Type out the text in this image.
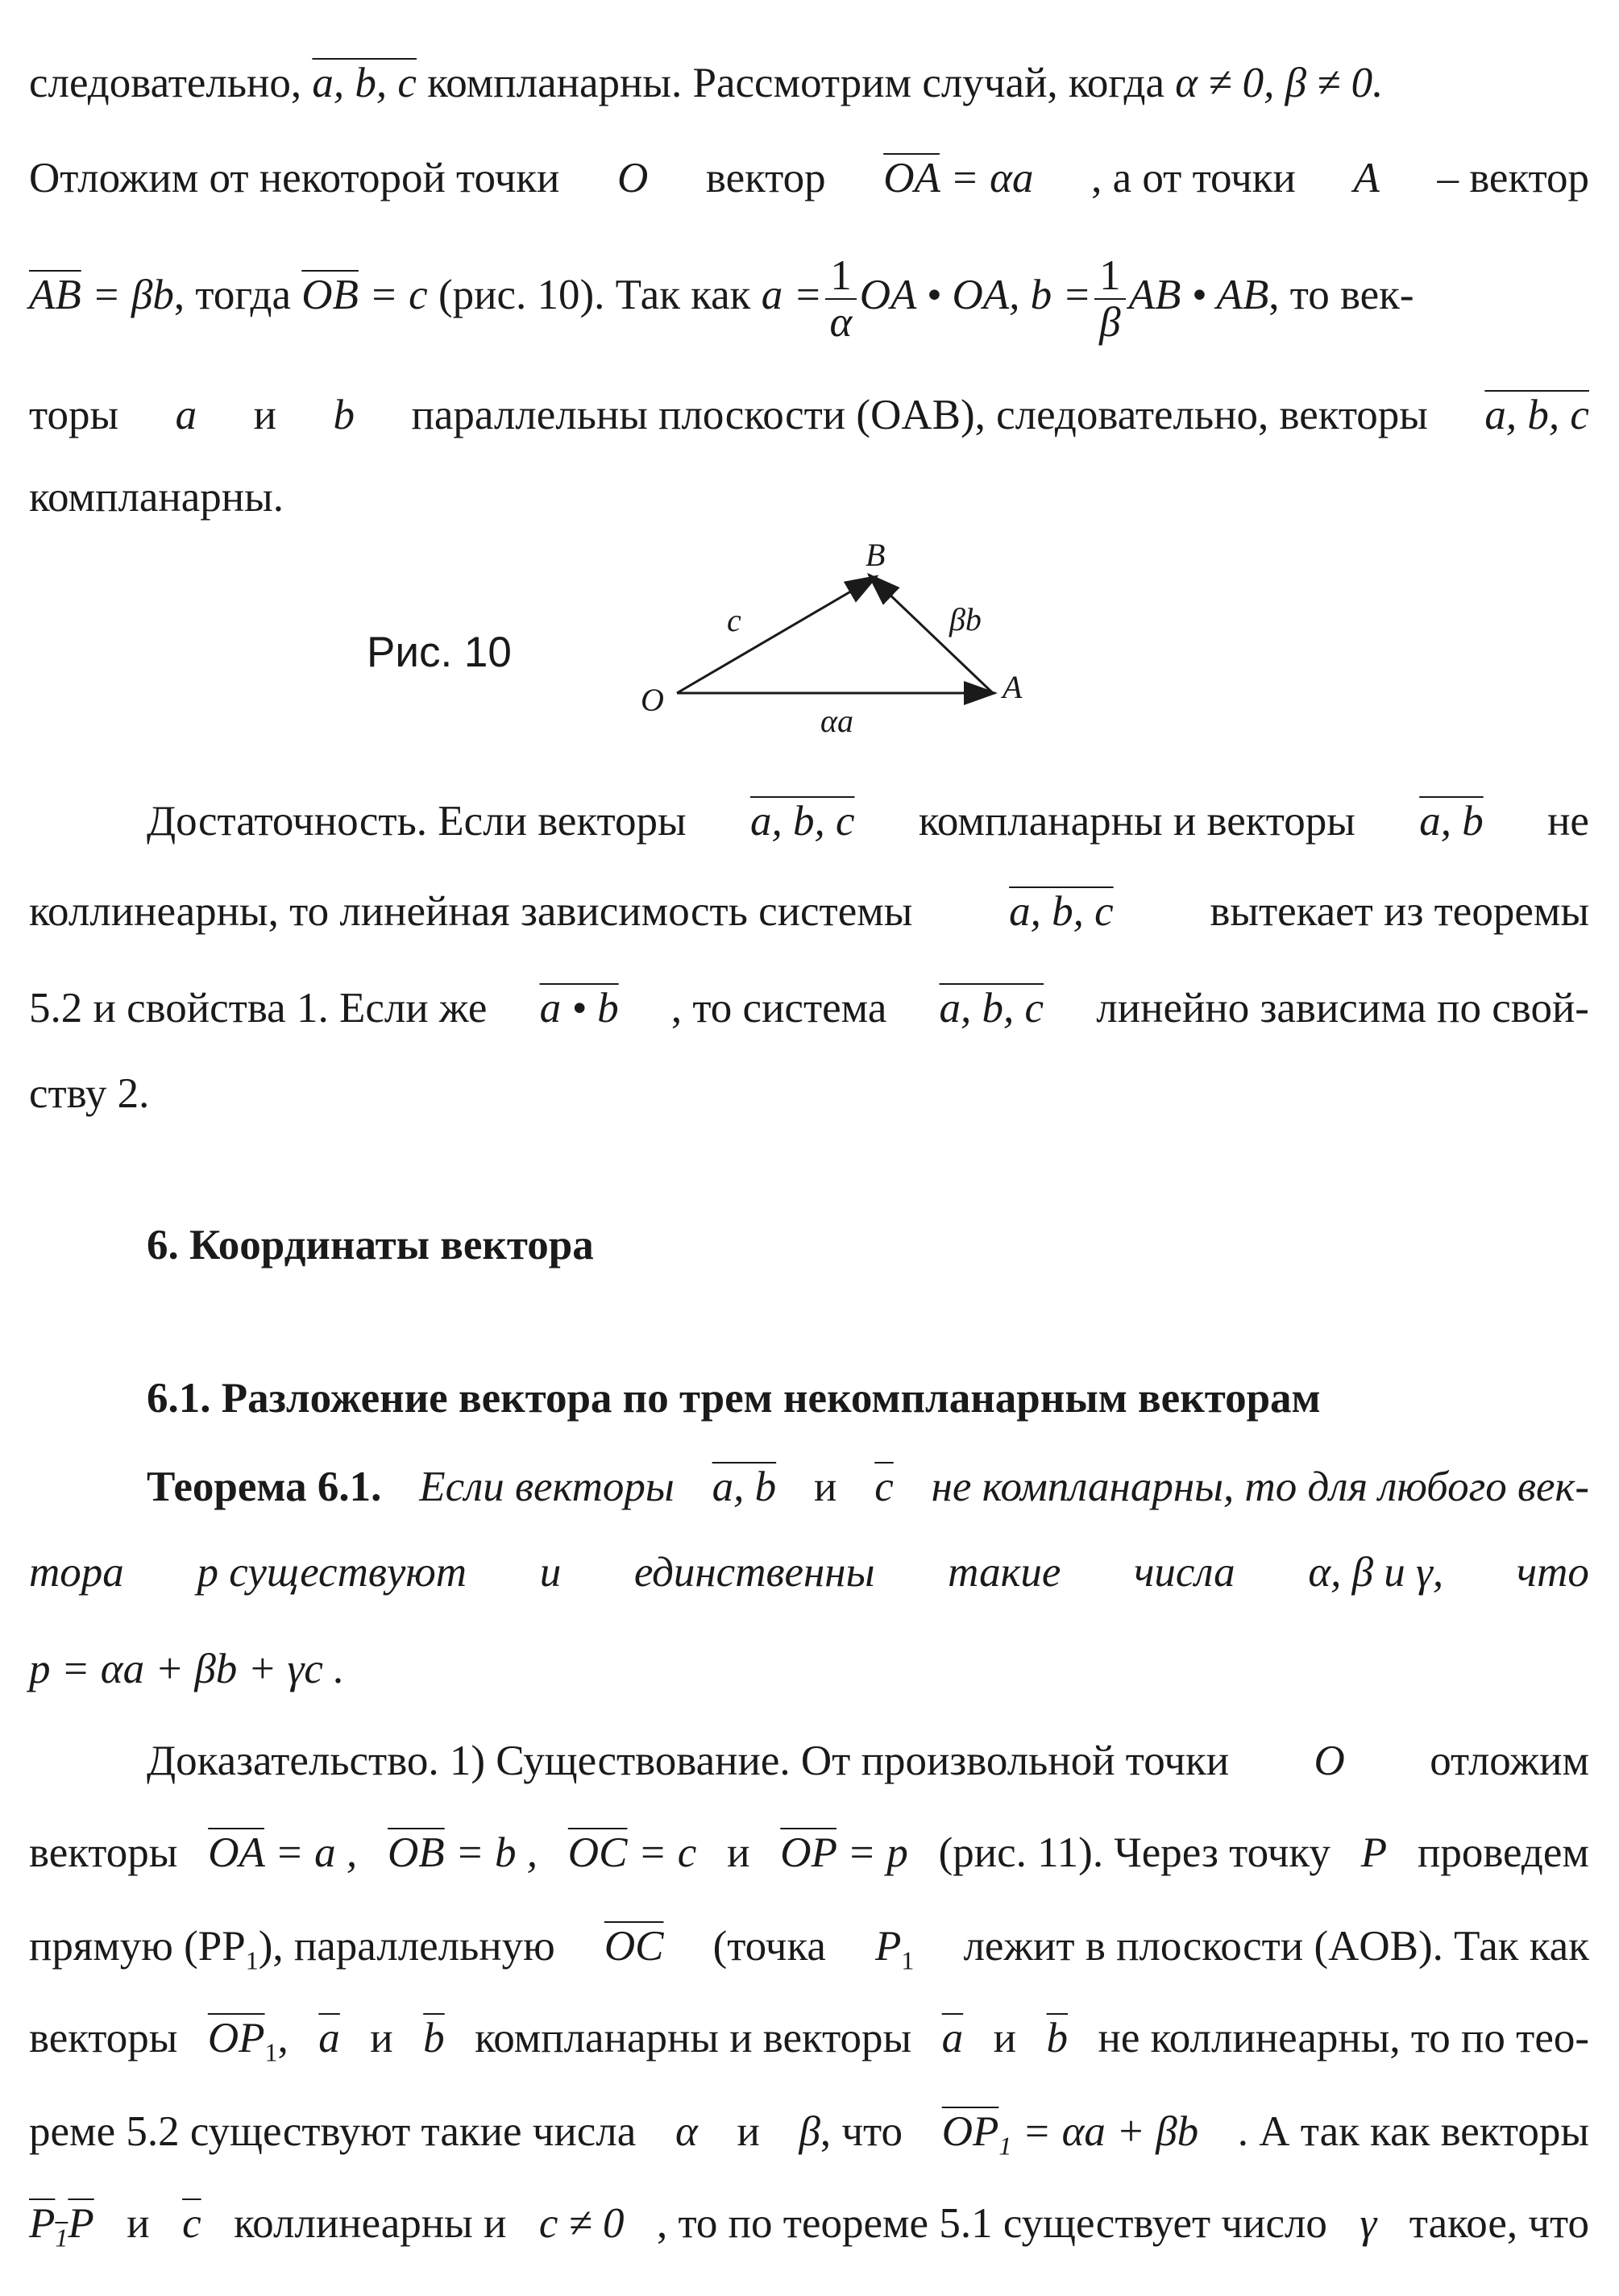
следовательно, a, b, c компланарны. Рассмотрим случай, когда α ≠ 0, β ≠ 0.
Отложим от некоторой точки O вектор $\overline{OA} = \alpha a$ , а от точки A – вектор
$\overline{AB} = \beta b$, тогда $\overline{OB} = c$ (рис. 10). Так как $a = \frac{1}{\alpha}$ OA • OA, $b = \frac{1}{\beta}$ AB • AB, то век-
торы a и b параллельны плоскости (OAB), следовательно, векторы a, b, c
компланарны.
Рис. 10
O	A
B
c	βb
αa
Достаточность. Если векторы a, b, c компланарны и векторы a, b не
коллинеарны, то линейная зависимость системы a, b, c вытекает из теоремы
5.2 и свойства 1. Если же a • b , то система a, b, c линейно зависима по свой-
ству 2.
6. Координаты вектора
6.1. Разложение вектора по трем некомпланарным векторам
Теорема 6.1. Если векторы a, b и $\overline{c}$ не компланарны, то для любого век-
тора p существуют и единственны такие числа α, β и γ, что
p = αa + βb + γc .
Доказательство. 1) Существование. От произвольной точки O отложим
векторы $\overline{OA} = a$ , $\overline{OB} = b$ , $\overline{OC} = c$ и $\overline{OP} = p$ (рис. 11). Через точку P проведем
прямую $(PP_1)$, параллельную $\overline{OC}$ (точка $P_1$ лежит в плоскости (AOB). Так как
векторы $\overline{OP}_1$, $\overline{a}$ и $\overline{b}$ компланарны и векторы $\overline{a}$ и $\overline{b}$ не коллинеарны, то по тео-
реме 5.2 существуют такие числа α и β, что $\overline{OP}_1 = \alpha a + \beta b$ . А так как векторы
$P_1P$ и $\overline{c}$ коллинеарны и c ≠ 0 , то по теореме 5.1 существует число γ такое, что
